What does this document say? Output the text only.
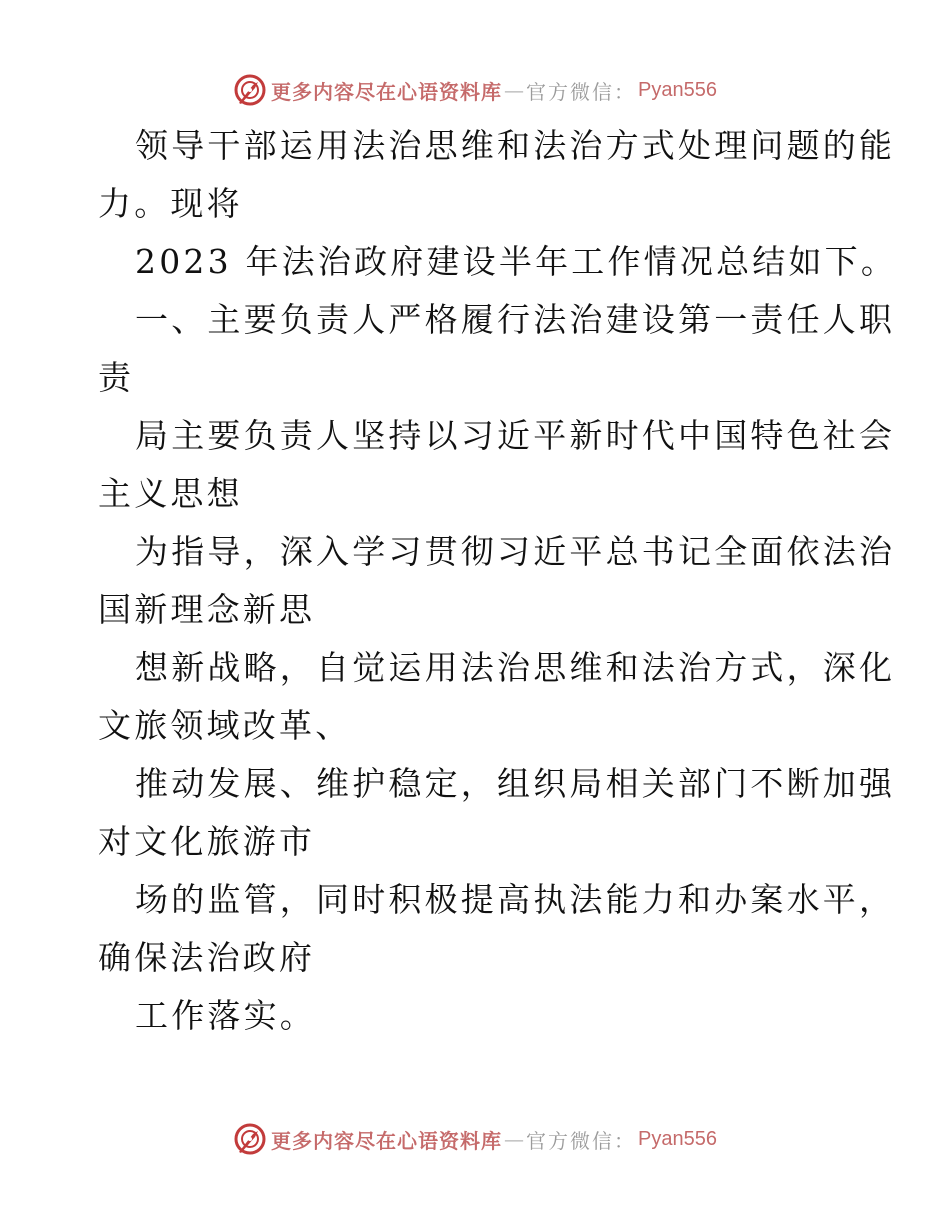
更多内容尽在心语资料库 — 官方微信： Pyan556
领导干部运用法治思维和法治方式处理问题的能
力。现将
2023 年法治政府建设半年工作情况总结如下。
一、主要负责人严格履行法治建设第一责任人职
责
局主要负责人坚持以习近平新时代中国特色社会
主义思想
为指导，深入学习贯彻习近平总书记全面依法治
国新理念新思
想新战略，自觉运用法治思维和法治方式，深化
文旅领域改革、
推动发展、维护稳定，组织局相关部门不断加强
对文化旅游市
场的监管，同时积极提高执法能力和办案水平，
确保法治政府
工作落实。
更多内容尽在心语资料库 — 官方微信： Pyan556
